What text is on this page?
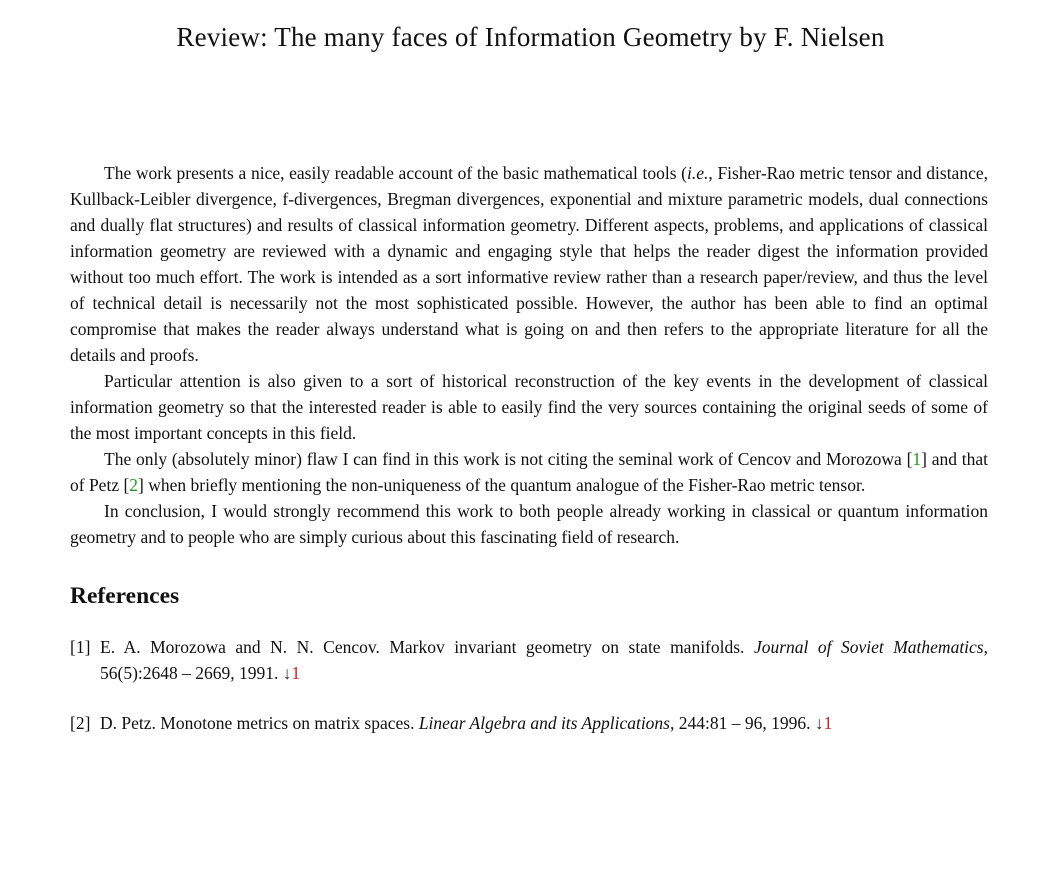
Review: The many faces of Information Geometry by F. Nielsen

The work presents a nice, easily readable account of the basic mathematical tools (i.e., Fisher-Rao metric tensor and distance, Kullback-Leibler divergence, f-divergences, Bregman divergences, exponential and mixture parametric models, dual connections and dually flat structures) and results of classical information geometry. Different aspects, problems, and applications of classical information geometry are reviewed with a dynamic and engaging style that helps the reader digest the information provided without too much effort. The work is intended as a sort informative review rather than a research paper/review, and thus the level of technical detail is necessarily not the most sophisticated possible. However, the author has been able to find an optimal compromise that makes the reader always understand what is going on and then refers to the appropriate literature for all the details and proofs.

Particular attention is also given to a sort of historical reconstruction of the key events in the development of classical information geometry so that the interested reader is able to easily find the very sources containing the original seeds of some of the most important concepts in this field.

The only (absolutely minor) flaw I can find in this work is not citing the seminal work of Cencov and Morozowa [1] and that of Petz [2] when briefly mentioning the non-uniqueness of the quantum analogue of the Fisher-Rao metric tensor.

In conclusion, I would strongly recommend this work to both people already working in classical or quantum information geometry and to people who are simply curious about this fascinating field of research.

References
[1] E. A. Morozowa and N. N. Cencov. Markov invariant geometry on state manifolds. Journal of Soviet Mathematics, 56(5):2648 – 2669, 1991. ↓1
[2] D. Petz. Monotone metrics on matrix spaces. Linear Algebra and its Applications, 244:81 – 96, 1996. ↓1
